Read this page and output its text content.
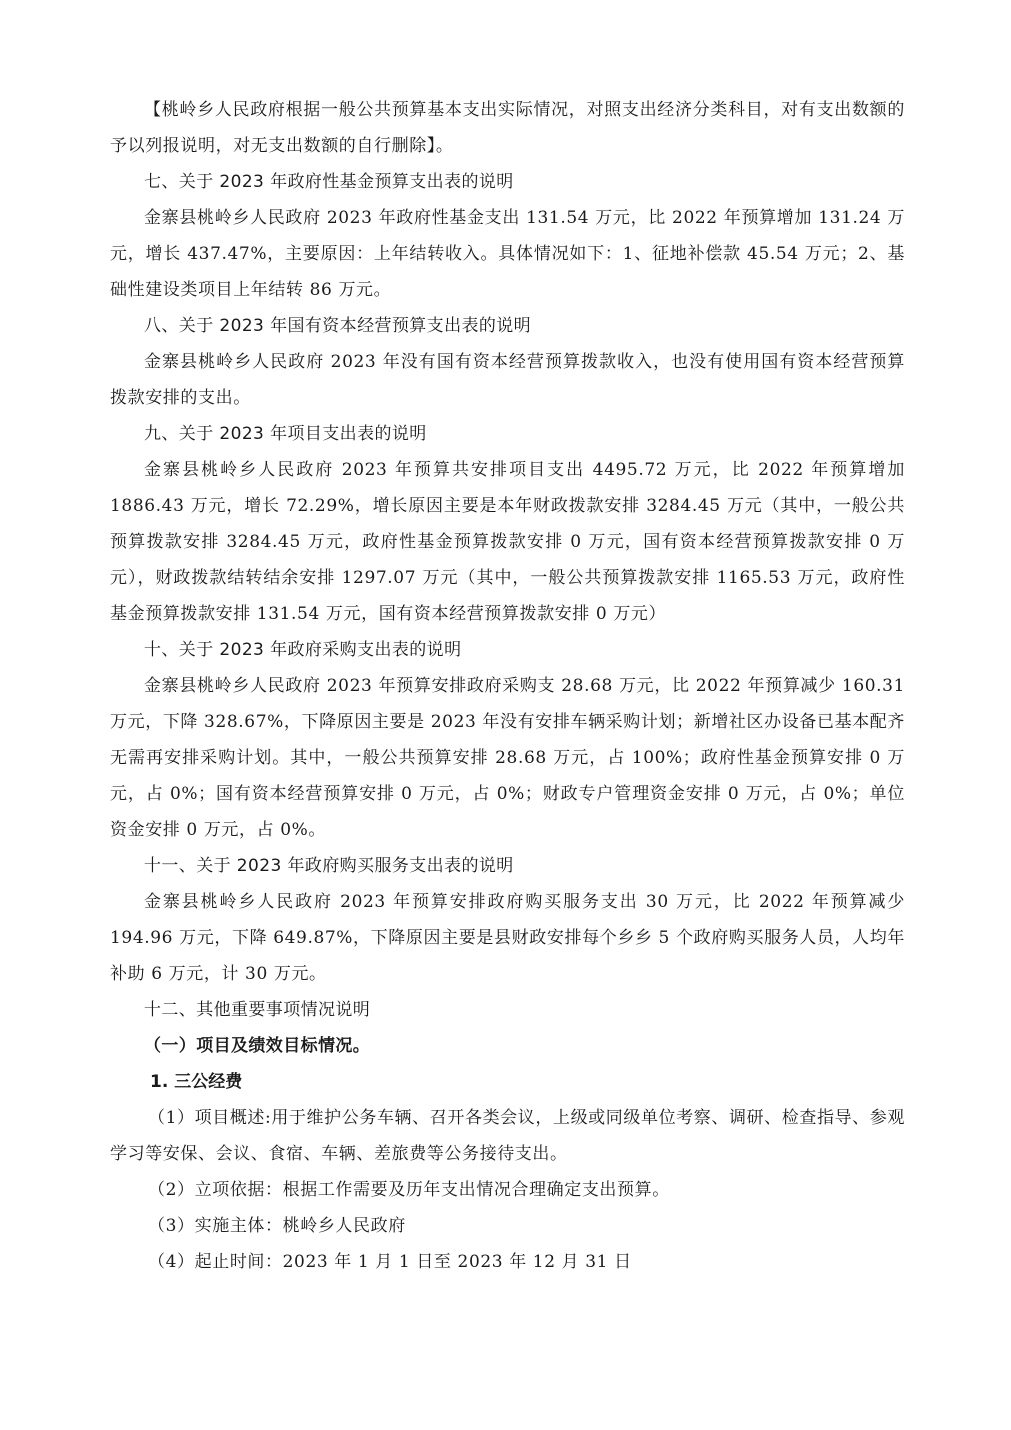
【桃岭乡人民政府根据一般公共预算基本支出实际情况，对照支出经济分类科目，对有支出数额的予以列报说明，对无支出数额的自行删除】。

七、关于 2023 年政府性基金预算支出表的说明

金寨县桃岭乡人民政府 2023 年政府性基金支出 131.54 万元，比 2022 年预算增加 131.24 万元，增长 437.47%，主要原因：上年结转收入。具体情况如下：1、征地补偿款 45.54 万元；2、基础性建设类项目上年结转 86 万元。

八、关于 2023 年国有资本经营预算支出表的说明

金寨县桃岭乡人民政府 2023 年没有国有资本经营预算拨款收入，也没有使用国有资本经营预算拨款安排的支出。

九、关于 2023 年项目支出表的说明

金寨县桃岭乡人民政府 2023 年预算共安排项目支出 4495.72 万元，比 2022 年预算增加 1886.43 万元，增长 72.29%，增长原因主要是本年财政拨款安排 3284.45 万元（其中，一般公共预算拨款安排 3284.45 万元，政府性基金预算拨款安排 0 万元，国有资本经营预算拨款安排 0 万元），财政拨款结转结余安排 1297.07 万元（其中，一般公共预算拨款安排 1165.53 万元，政府性基金预算拨款安排 131.54 万元，国有资本经营预算拨款安排 0 万元）

十、关于 2023 年政府采购支出表的说明

金寨县桃岭乡人民政府 2023 年预算安排政府采购支 28.68 万元，比 2022 年预算减少 160.31 万元，下降 328.67%，下降原因主要是 2023 年没有安排车辆采购计划；新增社区办设备已基本配齐无需再安排采购计划。其中，一般公共预算安排 28.68 万元，占 100%；政府性基金预算安排 0 万元，占 0%；国有资本经营预算安排 0 万元，占 0%；财政专户管理资金安排 0 万元，占 0%；单位资金安排 0 万元，占 0%。

十一、关于 2023 年政府购买服务支出表的说明

金寨县桃岭乡人民政府 2023 年预算安排政府购买服务支出 30 万元，比 2022 年预算减少 194.96 万元，下降 649.87%，下降原因主要是县财政安排每个乡乡 5 个政府购买服务人员，人均年补助 6 万元，计 30 万元。

十二、其他重要事项情况说明

（一）项目及绩效目标情况。

1. 三公经费

（1）项目概述:用于维护公务车辆、召开各类会议，上级或同级单位考察、调研、检查指导、参观学习等安保、会议、食宿、车辆、差旅费等公务接待支出。

（2）立项依据：根据工作需要及历年支出情况合理确定支出预算。

（3）实施主体：桃岭乡人民政府

（4）起止时间：2023 年 1 月 1 日至 2023 年 12 月 31 日
